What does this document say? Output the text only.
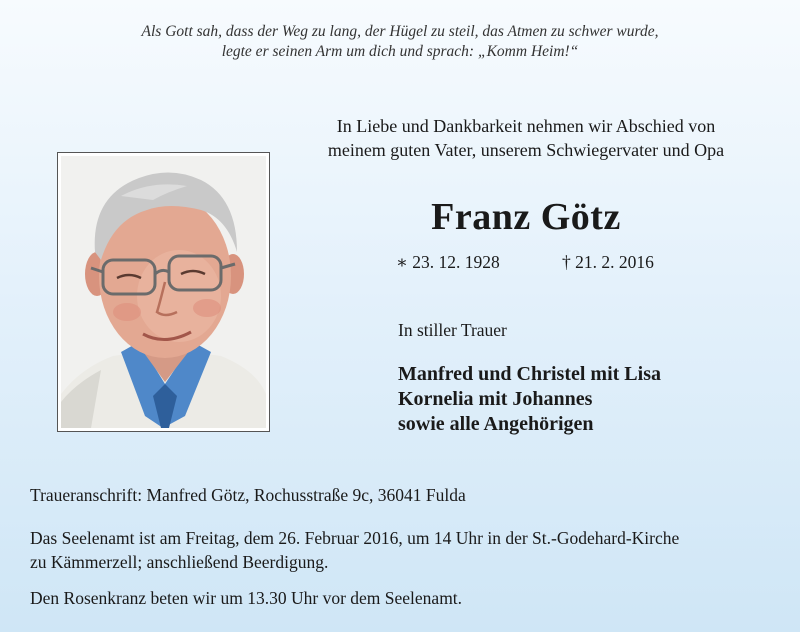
Als Gott sah, dass der Weg zu lang, der Hügel zu steil, das Atmen zu schwer wurde,
legte er seinen Arm um dich und sprach: „Komm Heim!“
In Liebe und Dankbarkeit nehmen wir Abschied von
meinem guten Vater, unserem Schwiegervater und Opa
Franz Götz
∗ 23. 12. 1928	† 21. 2. 2016
In stiller Trauer
Manfred und Christel mit Lisa
Kornelia mit Johannes
sowie alle Angehörigen
Traueranschrift: Manfred Götz, Rochusstraße 9c, 36041 Fulda
Das Seelenamt ist am Freitag, dem 26. Februar 2016, um 14 Uhr in der St.-Godehard-Kirche
zu Kämmerzell; anschließend Beerdigung.
Den Rosenkranz beten wir um 13.30 Uhr vor dem Seelenamt.
